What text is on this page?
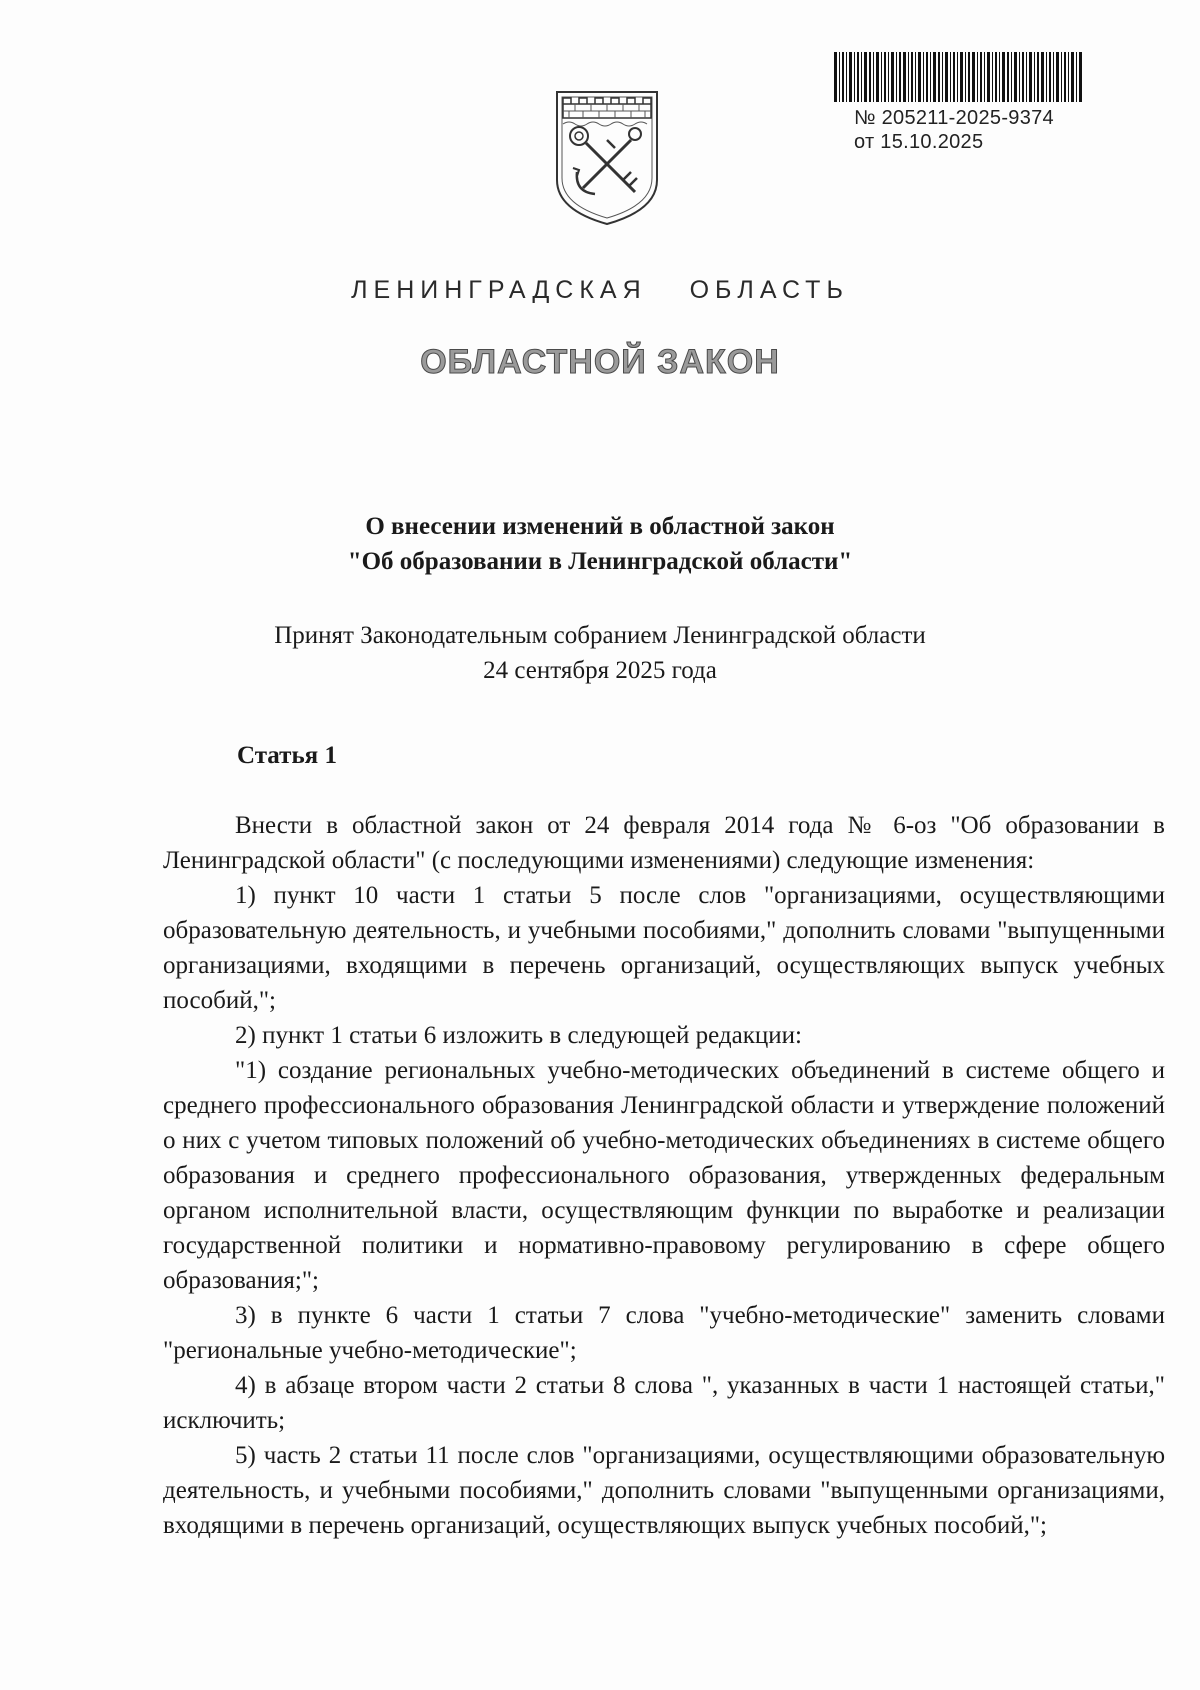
№ 205211-2025-9374
от 15.10.2025
ЛЕНИНГРАДСКАЯ ОБЛАСТЬ
ОБЛАСТНОЙ ЗАКОН
О внесении изменений в областной закон
"Об образовании в Ленинградской области"
Принят Законодательным собранием Ленинградской области
24 сентября 2025 года
Статья 1

Внести в областной закон от 24 февраля 2014 года № 6-оз "Об образовании в Ленинградской области" (с последующими изменениями) следующие изменения:

1) пункт 10 части 1 статьи 5 после слов "организациями, осуществляющими образовательную деятельность, и учебными пособиями," дополнить словами "выпущенными организациями, входящими в перечень организаций, осуществляющих выпуск учебных пособий,";

2) пункт 1 статьи 6 изложить в следующей редакции:

"1) создание региональных учебно-методических объединений в системе общего и среднего профессионального образования Ленинградской области и утверждение положений о них с учетом типовых положений об учебно-методических объединениях в системе общего образования и среднего профессионального образования, утвержденных федеральным органом исполнительной власти, осуществляющим функции по выработке и реализации государственной политики и нормативно-правовому регулированию в сфере общего образования;";

3) в пункте 6 части 1 статьи 7 слова "учебно-методические" заменить словами "региональные учебно-методические";

4) в абзаце втором части 2 статьи 8 слова ", указанных в части 1 настоящей статьи," исключить;

5) часть 2 статьи 11 после слов "организациями, осуществляющими образовательную деятельность, и учебными пособиями," дополнить словами "выпущенными организациями, входящими в перечень организаций, осуществляющих выпуск учебных пособий,";
